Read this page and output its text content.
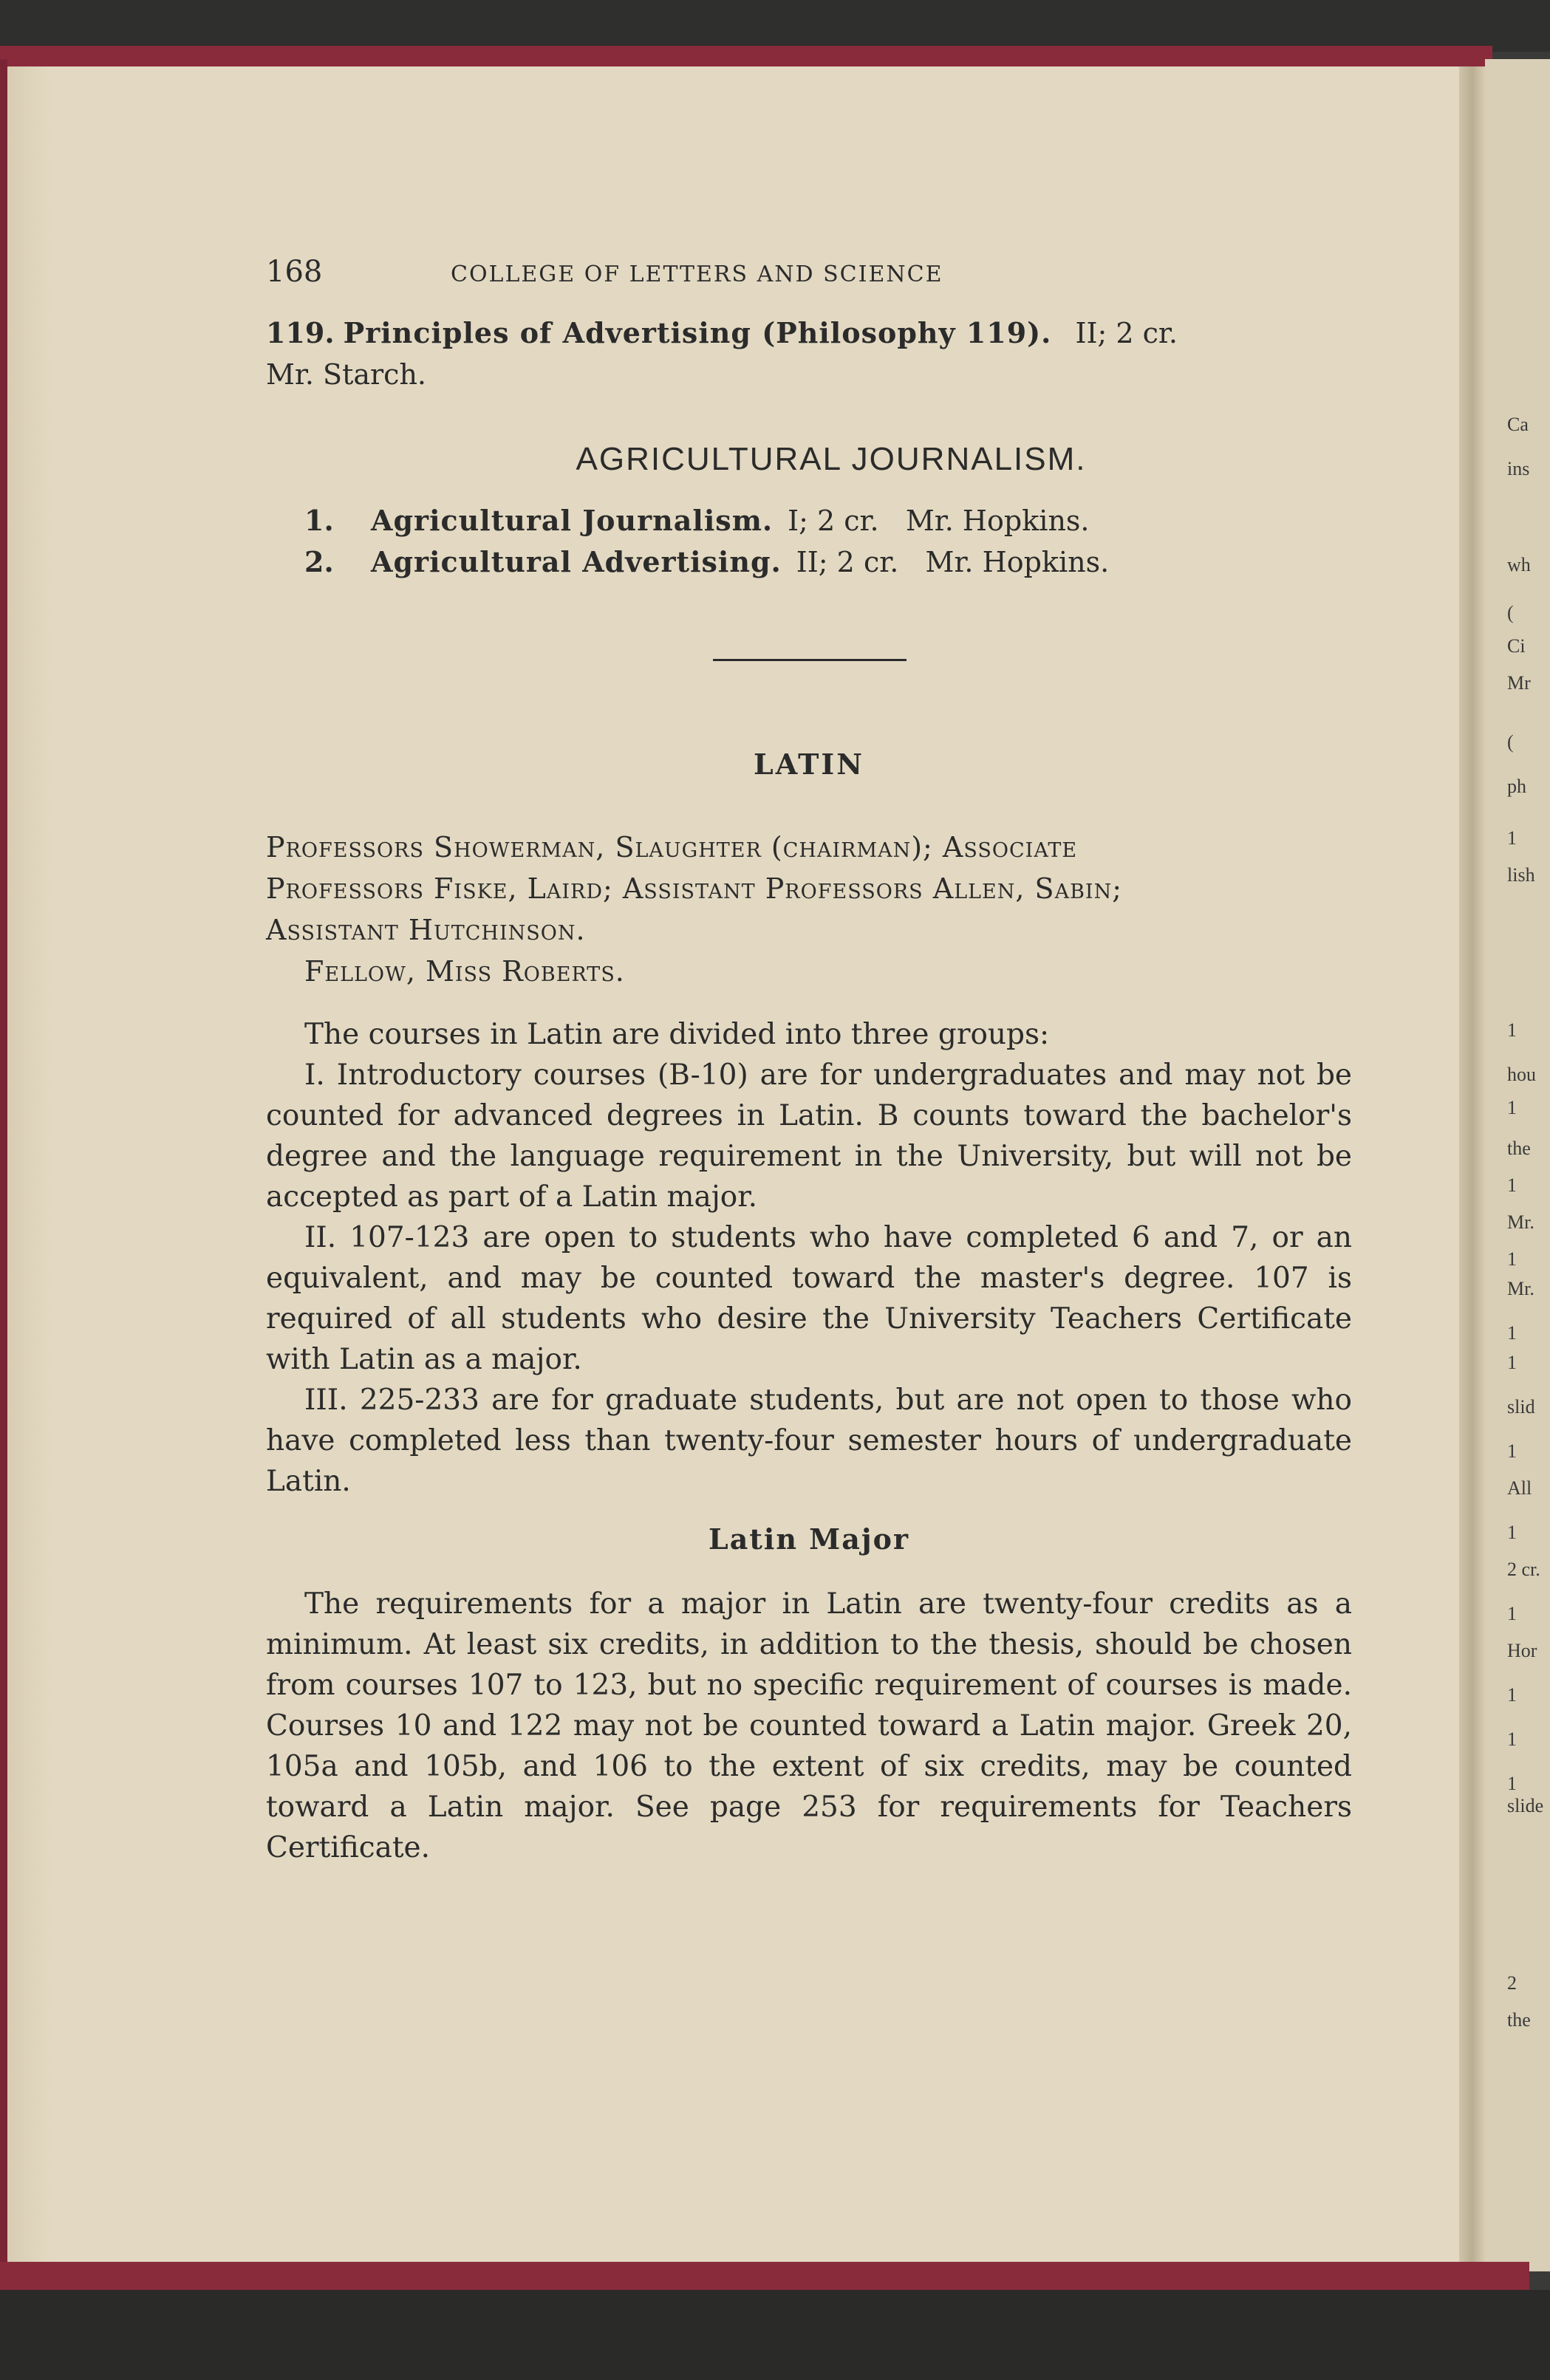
Ca
ins
wh
(
Ci
Mr
(
ph
1
lish
1
hou
1
the
1
Mr.
1
Mr.
1
1
slid
1
All
1
2 cr.
1
Hor
1
1
1
slide
2
the
168	COLLEGE OF LETTERS AND SCIENCE

119. Principles of Advertising (Philosophy 119). II; 2 cr.
Mr. Starch.

AGRICULTURAL JOURNALISM.
1.	Agricultural Journalism. I; 2 cr.   Mr. Hopkins.
2.	Agricultural Advertising. II; 2 cr.   Mr. Hopkins.
LATIN

Professors Showerman, Slaughter (chairman); Associate
Professors Fiske, Laird; Assistant Professors Allen, Sabin;
Assistant Hutchinson.
Fellow, Miss Roberts.

The courses in Latin are divided into three groups:

I. Introductory courses (B-10) are for undergraduates and may not be counted for advanced degrees in Latin. B counts toward the bachelor's degree and the language requirement in the University, but will not be accepted as part of a Latin major.

II. 107-123 are open to students who have completed 6 and 7, or an equivalent, and may be counted toward the master's degree. 107 is required of all students who desire the University Teachers Certificate with Latin as a major.

III. 225-233 are for graduate students, but are not open to those who have completed less than twenty-four semester hours of undergraduate Latin.

Latin Major

The requirements for a major in Latin are twenty-four credits as a minimum. At least six credits, in addition to the thesis, should be chosen from courses 107 to 123, but no specific requirement of courses is made. Courses 10 and 122 may not be counted toward a Latin major. Greek 20, 105a and 105b, and 106 to the extent of six credits, may be counted toward a Latin major. See page 253 for requirements for Teachers Certificate.
